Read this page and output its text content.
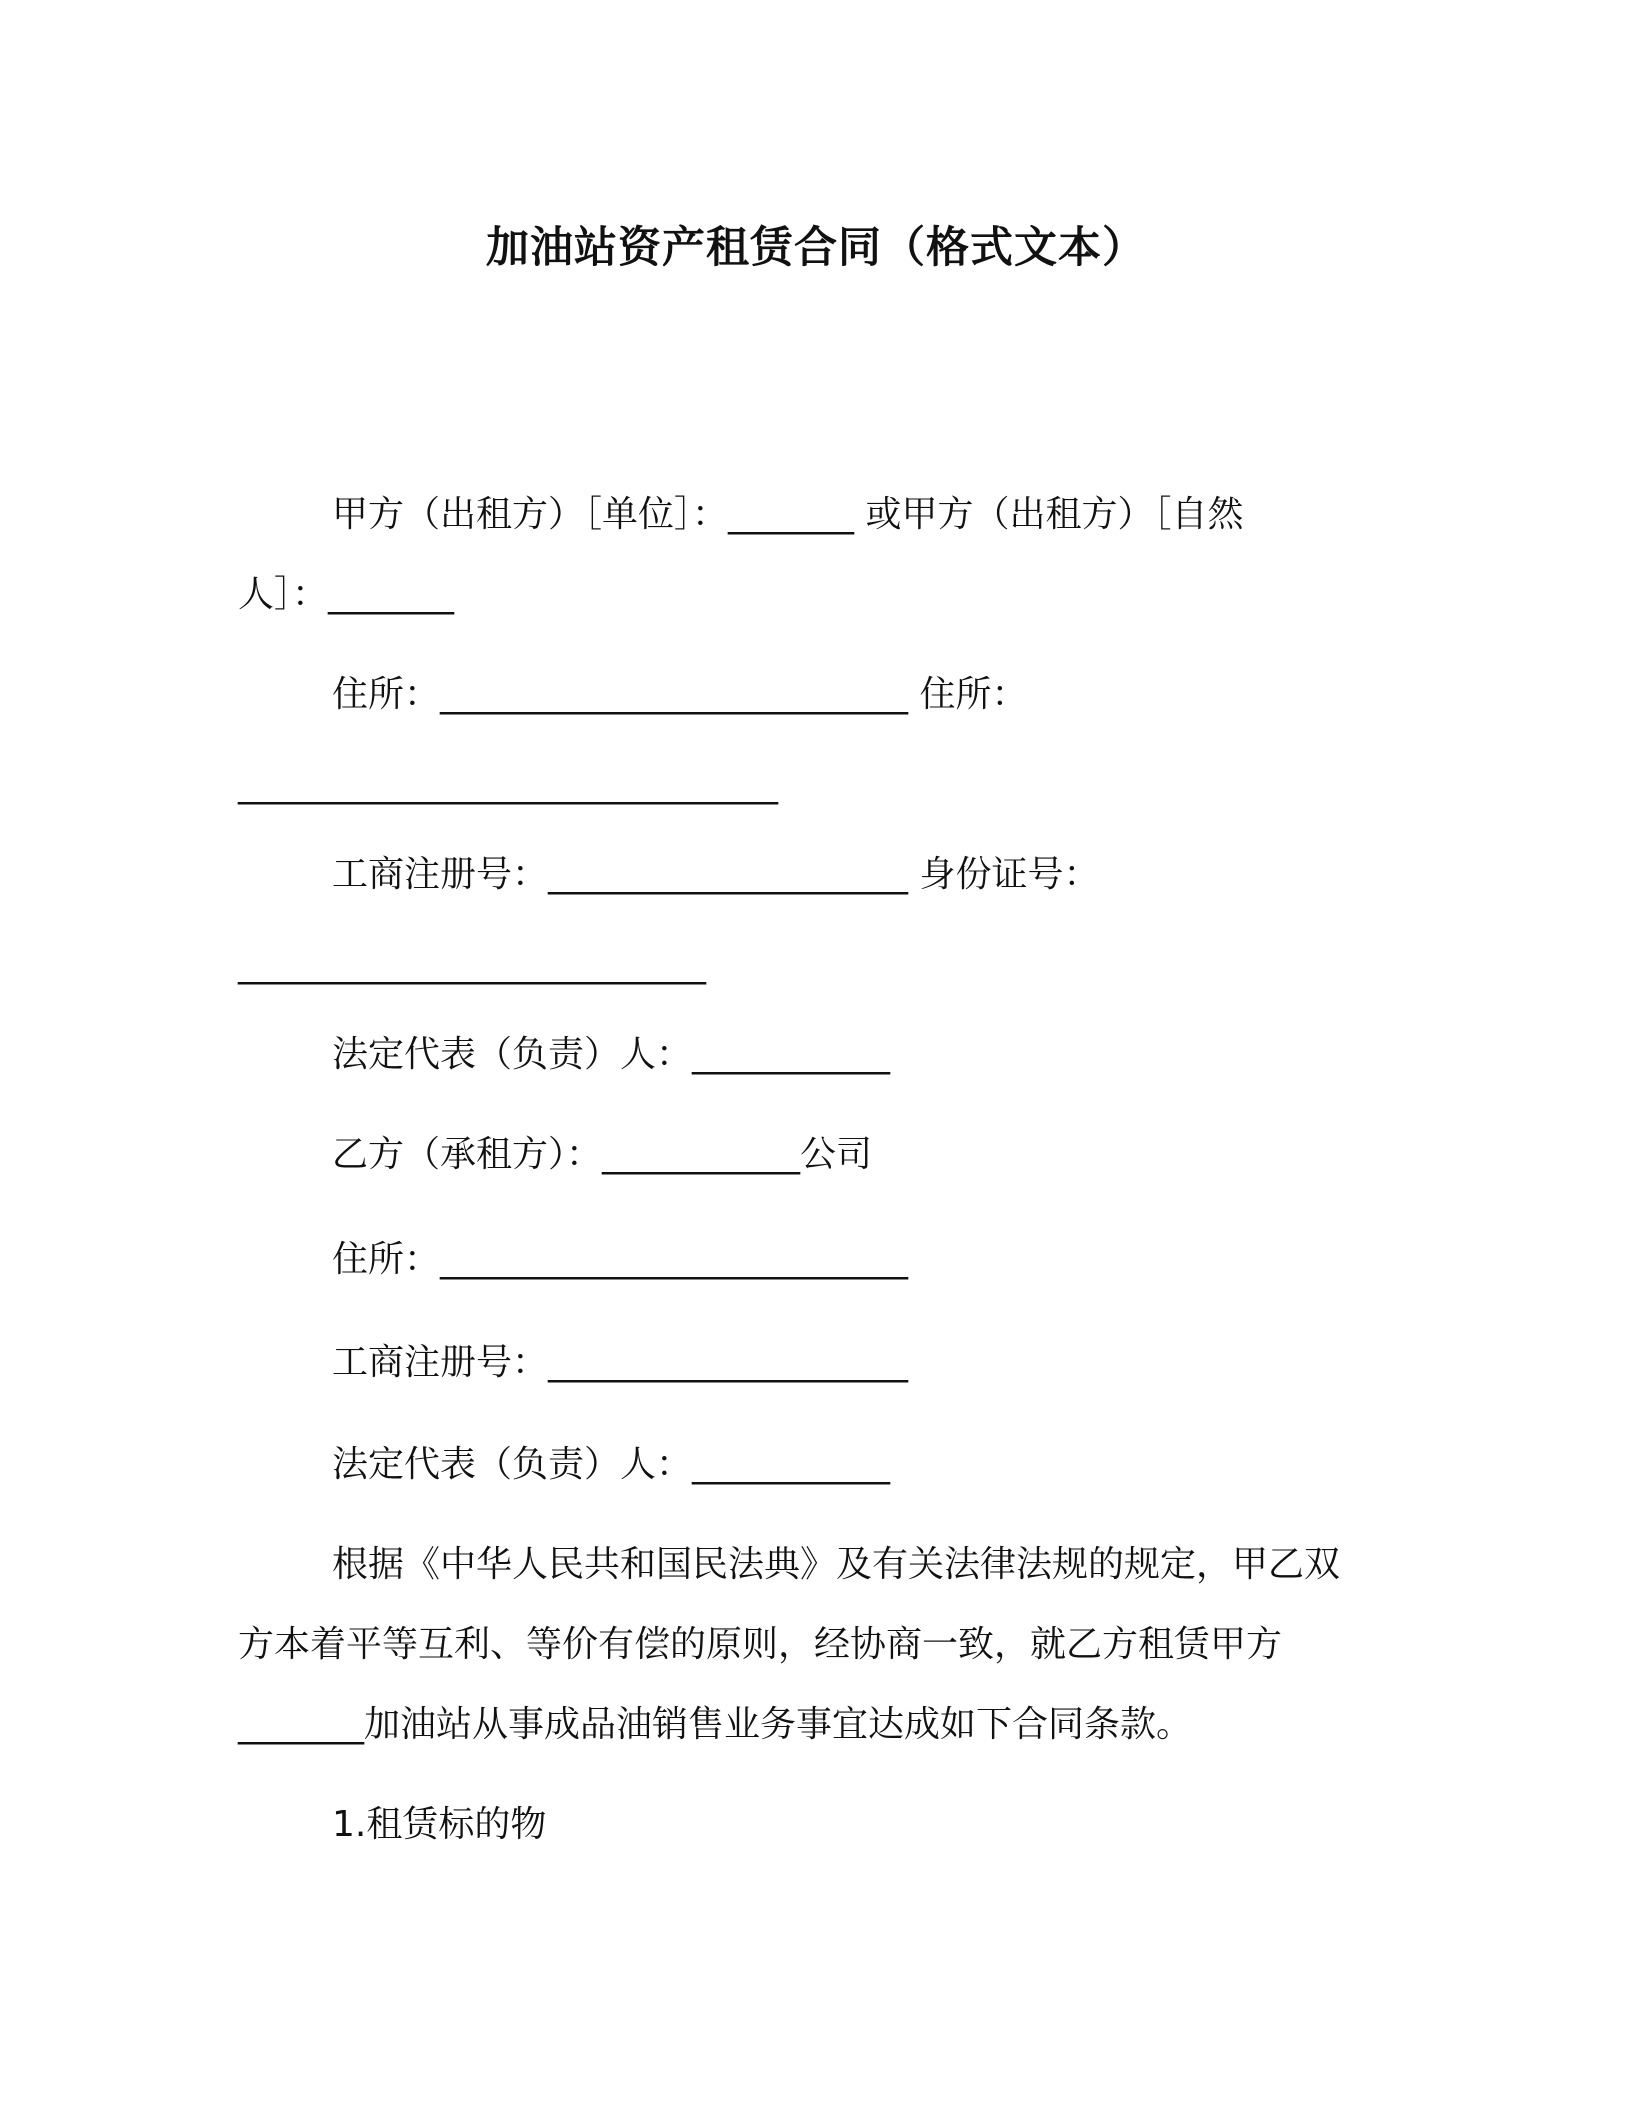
加油站资产租赁合同（格式文本）
甲方（出租方）［单位］：_______ 或甲方（出租方）［自然
人］：_______
住所：__________________________ 住所：
______________________________
工商注册号：____________________ 身份证号：
__________________________
法定代表（负责）人：___________
乙方（承租方）：___________公司
住所：__________________________
工商注册号：____________________
法定代表（负责）人：___________
根据《中华人民共和国民法典》及有关法律法规的规定，甲乙双
方本着平等互利、等价有偿的原则，经协商一致，就乙方租赁甲方
_______加油站从事成品油销售业务事宜达成如下合同条款。
1.租赁标的物
